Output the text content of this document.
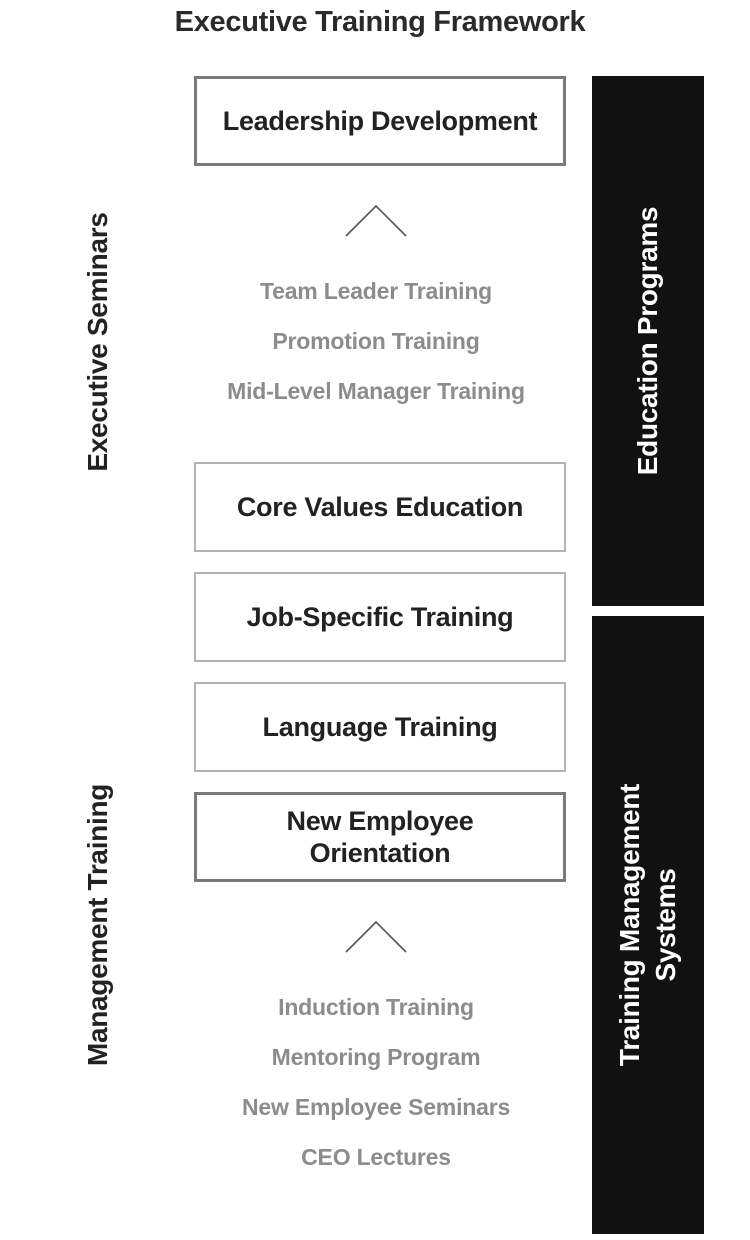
Executive Training Framework
Executive Seminars
Management Training
Leadership Development
Team Leader Training
Promotion Training
Mid-Level Manager Training
Core Values Education
Job-Specific Training
Language Training
New Employee
Orientation
Induction Training
Mentoring Program
New Employee Seminars
CEO Lectures
Education Programs
Training Management Systems
